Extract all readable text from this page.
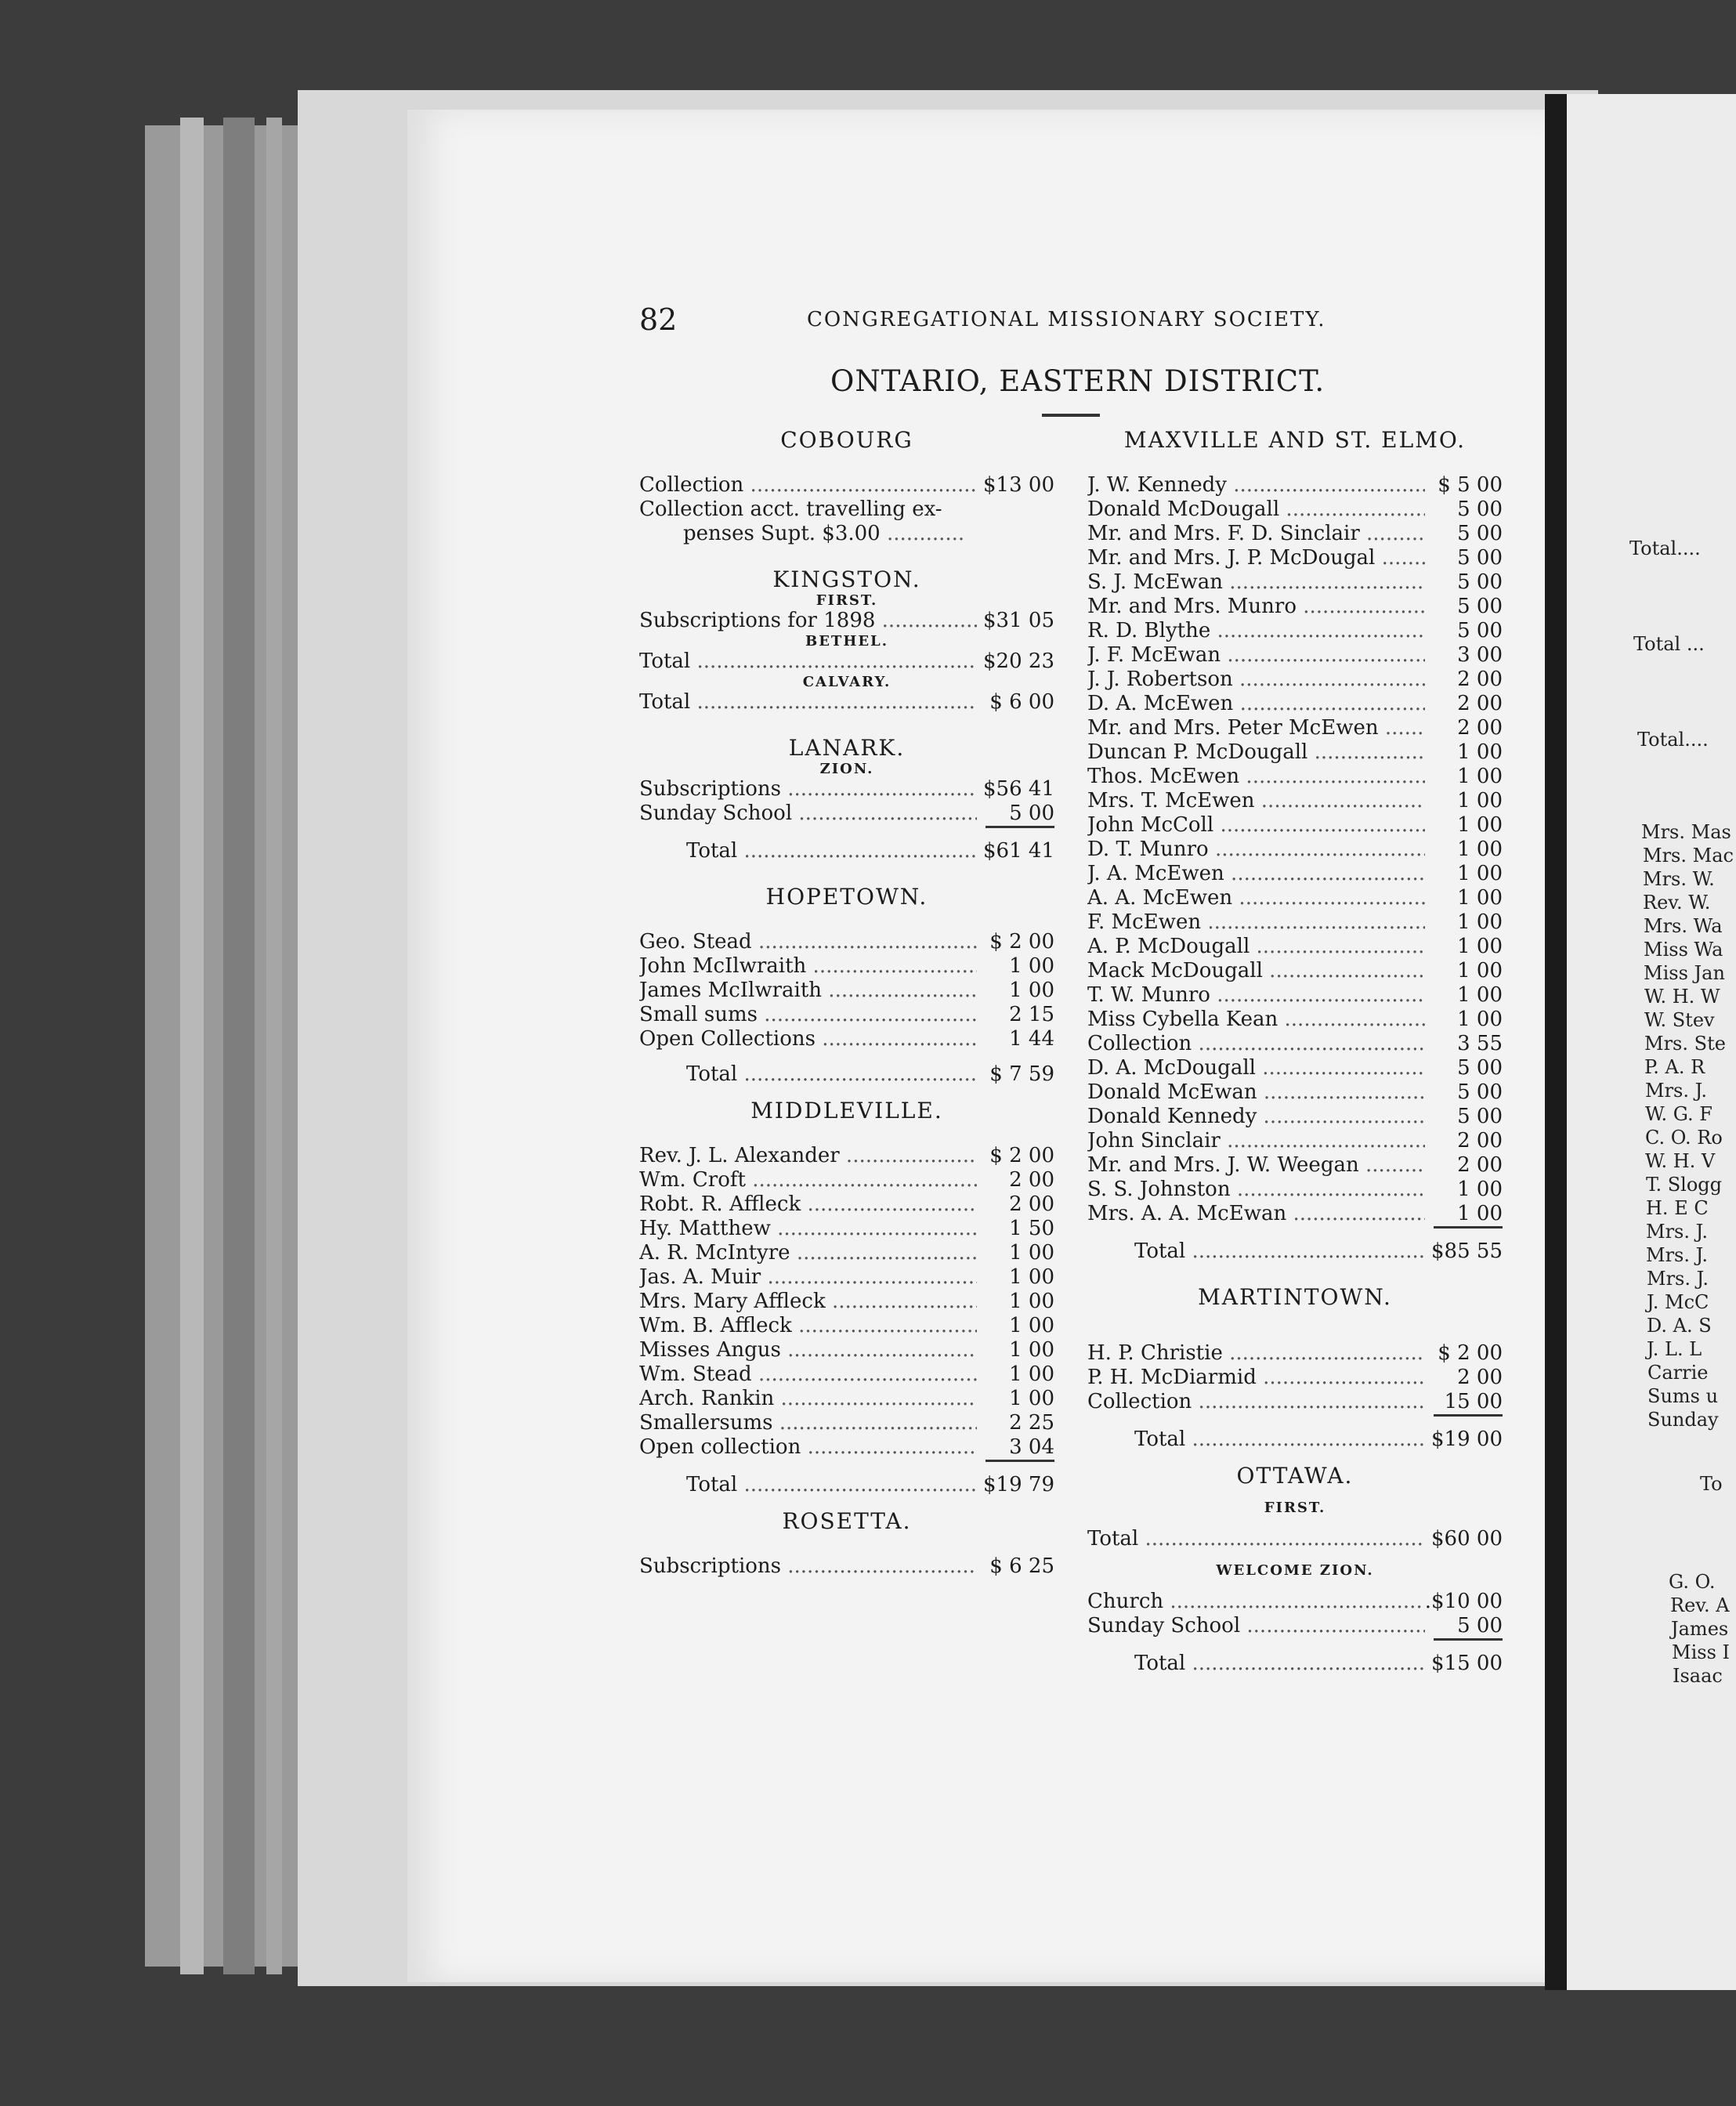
82	CONGREGATIONAL MISSIONARY SOCIETY.
ONTARIO, EASTERN DISTRICT.
COBOURG
Collection .....	$13 00
Collection acct. travelling ex-
penses Supt. $3.00 .....
KINGSTON.
FIRST.
Subscriptions for 1898 .....	$31 05
BETHEL.
Total .....	$20 23
CALVARY.
Total .....	$ 6 00
LANARK.
ZION.
Subscriptions .....	$56 41
Sunday School .....	5 00
Total .....	$61 41
HOPETOWN.
Geo. Stead .....	$ 2 00
John McIlwraith .....	1 00
James McIlwraith .....	1 00
Small sums .....	2 15
Open Collections .....	1 44
Total .....	$ 7 59
MIDDLEVILLE.
Rev. J. L. Alexander .....	$ 2 00
Wm. Croft .....	2 00
Robt. R. Affleck .....	2 00
Hy. Matthew .....	1 50
A. R. McIntyre .....	1 00
Jas. A. Muir .....	1 00
Mrs. Mary Affleck .....	1 00
Wm. B. Affleck .....	1 00
Misses Angus .....	1 00
Wm. Stead .....	1 00
Arch. Rankin .....	1 00
Smallersums .....	2 25
Open collection .....	3 04
Total .....	$19 79
ROSETTA.
Subscriptions .....	$ 6 25
MAXVILLE AND ST. ELMO.
J. W. Kennedy .....	$ 5 00
Donald McDougall .....	5 00
Mr. and Mrs. F. D. Sinclair .....	5 00
Mr. and Mrs. J. P. McDougal .....	5 00
S. J. McEwan .....	5 00
Mr. and Mrs. Munro .....	5 00
R. D. Blythe .....	5 00
J. F. McEwan .....	3 00
J. J. Robertson .....	2 00
D. A. McEwen .....	2 00
Mr. and Mrs. Peter McEwen .....	2 00
Duncan P. McDougall .....	1 00
Thos. McEwen .....	1 00
Mrs. T. McEwen .....	1 00
John McColl .....	1 00
D. T. Munro .....	1 00
J. A. McEwen .....	1 00
A. A. McEwen .....	1 00
F. McEwen .....	1 00
A. P. McDougall .....	1 00
Mack McDougall .....	1 00
T. W. Munro .....	1 00
Miss Cybella Kean .....	1 00
Collection .....	3 55
D. A. McDougall .....	5 00
Donald McEwan .....	5 00
Donald Kennedy .....	5 00
John Sinclair .....	2 00
Mr. and Mrs. J. W. Weegan .....	2 00
S. S. Johnston .....	1 00
Mrs. A. A. McEwan .....	1 00
Total .....	$85 55
MARTINTOWN.
H. P. Christie .....	$ 2 00
P. H. McDiarmid .....	2 00
Collection .....	15 00
Total .....	$19 00
OTTAWA.
FIRST.
Total .....	$60 00
WELCOME ZION.
Church .....	.$10 00
Sunday School .....	5 00
Total .....	$15 00
Total....
Total ...
Total....
Mrs. Mas
Mrs. Mac
Mrs. W.
Rev. W.
Mrs. Wa
Miss Wa
Miss Jan
W. H. W
W. Stev
Mrs. Ste
P. A. R
Mrs. J.
W. G. F
C. O. Ro
W. H. V
T. Slogg
H. E C
Mrs. J.
Mrs. J.
Mrs. J.
J. McC
D. A. S
J. L. L
Carrie
Sums u
Sunday
To
G. O.
Rev. A
James
Miss I
Isaac
